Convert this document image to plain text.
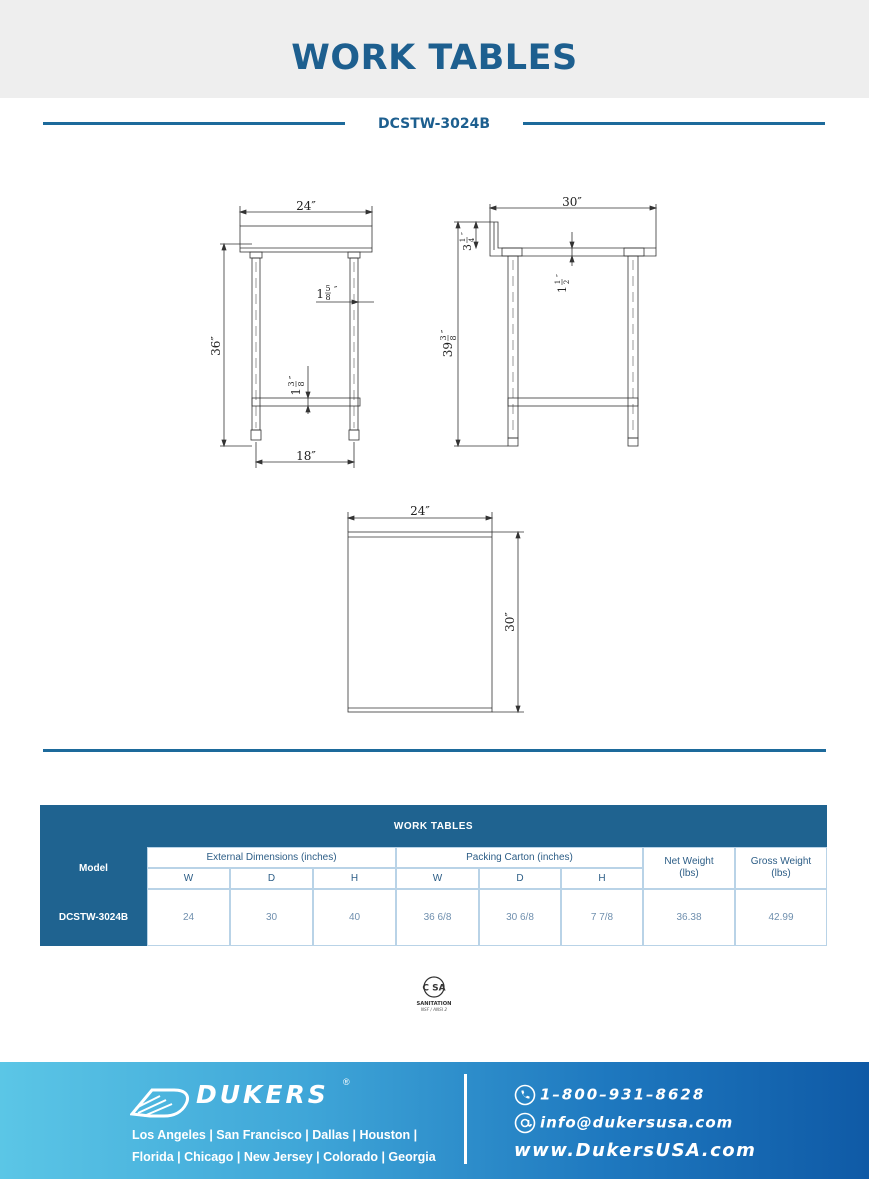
WORK TABLES
DCSTW-3024B
24″
18″
30″
24″
36″
30″
1 5
8
″
1
3 8
″
39
3 8
″
3
1 4
″
1
1 2
″
WORK TABLES
Model
External Dimensions (inches)	Packing Carton (inches)	Net Weight
(lbs)
Gross Weight
(lbs)
W	D	H	W	D	H
DCSTW-3024B	24	30	40	36 6/8	30 6/8	7 7/8	36.38	42.99
C SA
SANITATION
NSF / ANSI 2
DUKERS ®
Los Angeles | San Francisco | Dallas | Houston |
Florida | Chicago | New Jersey | Colorado | Georgia
1–800–931–8628
info@dukersusa.com
www.DukersUSA.com
